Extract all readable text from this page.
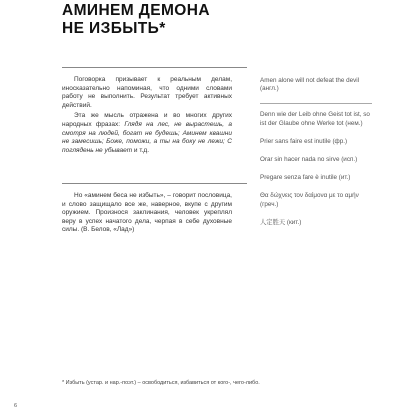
АМИНЕМ ДЕМОНА
НЕ ИЗБЫТЬ*

Поговорка призывает к реальным делам, иносказательно напоминая, что одними словами работу не выполнить. Результат требует активных действий.

Эта же мысль отражена и во многих других народных фразах: Глядя на лес, не вырастешь, а смотря на людей, богат не будешь; Аминем квашни не замесишь; Боже, поможи, а ты на боку не лежи; С поглядень не убывает и т.д.

Но «аминем беса не избыть», – говорит пословица, и слово защищало все же, наверное, вкупе с другим оружием. Произнося заклинания, человек укреплял веру в успех начатого дела, черпая в себе духовные силы. (В. Белов, «Лад»)

Amen alone will not defeat the devil (англ.)

Denn wie der Leib ohne Geist tot ist, so ist der Glaube ohne Werke tot (нем.)

Prier sans faire est inutile (фр.)

Orar sin hacer nada no sirve (исп.)

Pregare senza fare è inutile (ит.)

Θα δώχνεις τον δαίμονα με το αμήν (греч.)

人定胜天 (кит.)

* Избыть (устар. и нар.-поэт.) – освободиться, избавиться от кого-, чего-либо.
6
